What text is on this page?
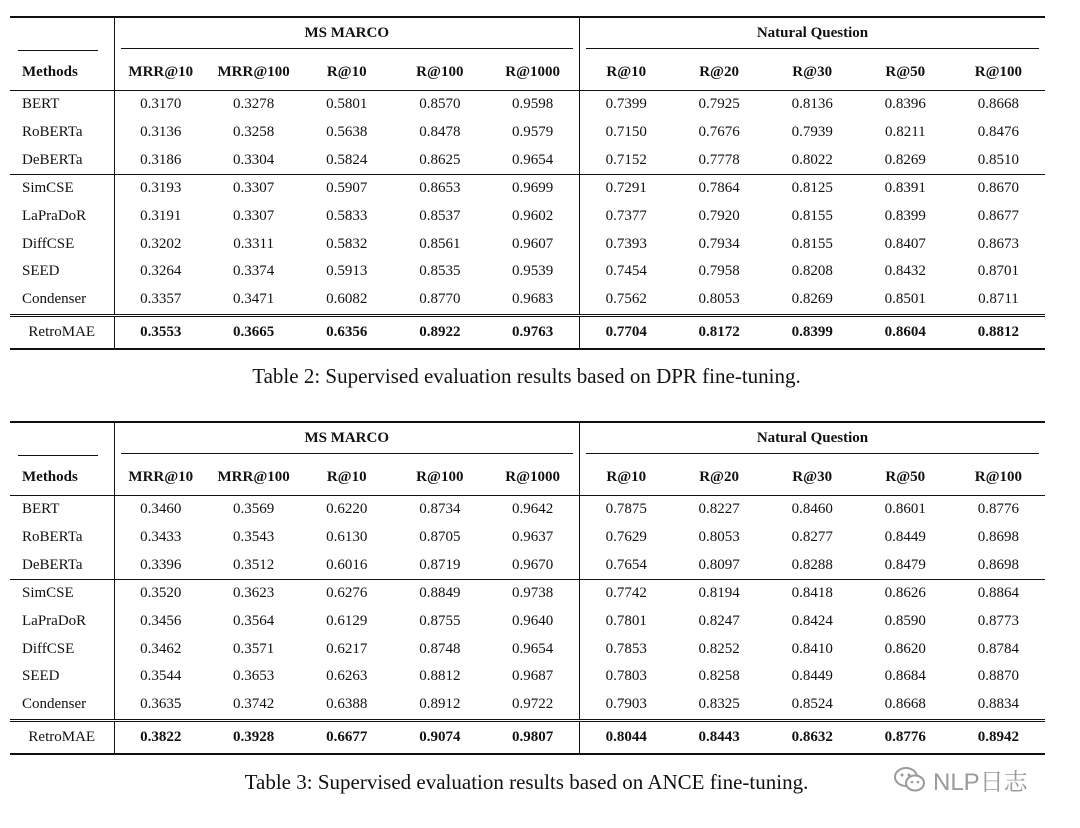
	MS MARCO					Natural Question				

Methods	MRR@10	MRR@100	R@10	R@100	R@1000	R@10	R@20	R@30	R@50	R@100
BERT	0.3170	0.3278	0.5801	0.8570	0.9598	0.7399	0.7925	0.8136	0.8396	0.8668
RoBERTa	0.3136	0.3258	0.5638	0.8478	0.9579	0.7150	0.7676	0.7939	0.8211	0.8476
DeBERTa	0.3186	0.3304	0.5824	0.8625	0.9654	0.7152	0.7778	0.8022	0.8269	0.8510
SimCSE	0.3193	0.3307	0.5907	0.8653	0.9699	0.7291	0.7864	0.8125	0.8391	0.8670
LaPraDoR	0.3191	0.3307	0.5833	0.8537	0.9602	0.7377	0.7920	0.8155	0.8399	0.8677
DiffCSE	0.3202	0.3311	0.5832	0.8561	0.9607	0.7393	0.7934	0.8155	0.8407	0.8673
SEED	0.3264	0.3374	0.5913	0.8535	0.9539	0.7454	0.7958	0.8208	0.8432	0.8701
Condenser	0.3357	0.3471	0.6082	0.8770	0.9683	0.7562	0.8053	0.8269	0.8501	0.8711
RetroMAE	0.3553	0.3665	0.6356	0.8922	0.9763	0.7704	0.8172	0.8399	0.8604	0.8812
Table 2: Supervised evaluation results based on DPR fine-tuning.

	MS MARCO					Natural Question				

Methods	MRR@10	MRR@100	R@10	R@100	R@1000	R@10	R@20	R@30	R@50	R@100
BERT	0.3460	0.3569	0.6220	0.8734	0.9642	0.7875	0.8227	0.8460	0.8601	0.8776
RoBERTa	0.3433	0.3543	0.6130	0.8705	0.9637	0.7629	0.8053	0.8277	0.8449	0.8698
DeBERTa	0.3396	0.3512	0.6016	0.8719	0.9670	0.7654	0.8097	0.8288	0.8479	0.8698
SimCSE	0.3520	0.3623	0.6276	0.8849	0.9738	0.7742	0.8194	0.8418	0.8626	0.8864
LaPraDoR	0.3456	0.3564	0.6129	0.8755	0.9640	0.7801	0.8247	0.8424	0.8590	0.8773
DiffCSE	0.3462	0.3571	0.6217	0.8748	0.9654	0.7853	0.8252	0.8410	0.8620	0.8784
SEED	0.3544	0.3653	0.6263	0.8812	0.9687	0.7803	0.8258	0.8449	0.8684	0.8870
Condenser	0.3635	0.3742	0.6388	0.8912	0.9722	0.7903	0.8325	0.8524	0.8668	0.8834
RetroMAE	0.3822	0.3928	0.6677	0.9074	0.9807	0.8044	0.8443	0.8632	0.8776	0.8942
Table 3: Supervised evaluation results based on ANCE fine-tuning.	NLP日志
